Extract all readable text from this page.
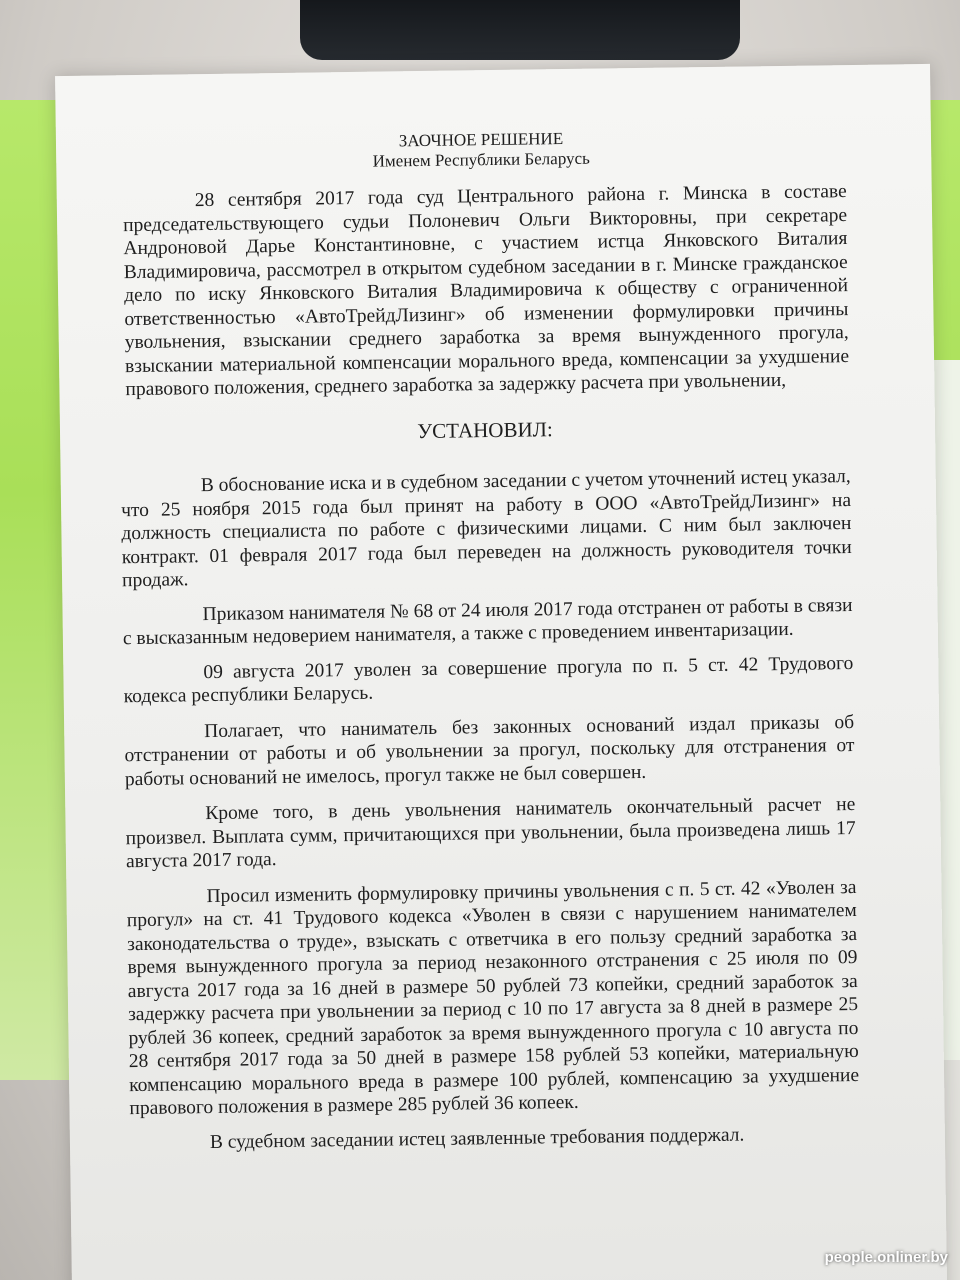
ЗАОЧНОЕ РЕШЕНИЕ

Именем Республики Беларусь

28 сентября 2017 года суд Центрального района г. Минска в составе председательствующего судьи Полоневич Ольги Викторовны, при секретаре Андроновой Дарье Константиновне, с участием истца Янковского Виталия Владимировича, рассмотрел в открытом судебном заседании в г. Минске гражданское дело по иску Янковского Виталия Владимировича к обществу с ограниченной ответственностью «АвтоТрейдЛизинг» об изменении формулировки причины увольнения, взыскании среднего заработка за время вынужденного прогула, взыскании материальной компенсации морального вреда, компенсации за ухудшение правового положения, среднего заработка за задержку расчета при увольнении,

УСТАНОВИЛ:

В обоснование иска и в судебном заседании с учетом уточнений истец указал, что 25 ноября 2015 года был принят на работу в ООО «АвтоТрейдЛизинг» на должность специалиста по работе с физическими лицами. С ним был заключен контракт. 01 февраля 2017 года был переведен на должность руководителя точки продаж.

Приказом нанимателя № 68 от 24 июля 2017 года отстранен от работы в связи с высказанным недоверием нанимателя, а также с проведением инвентаризации.

09 августа 2017 уволен за совершение прогула по п. 5 ст. 42 Трудового кодекса республики Беларусь.

Полагает, что наниматель без законных оснований издал приказы об отстранении от работы и об увольнении за прогул, поскольку для отстранения от работы оснований не имелось, прогул также не был совершен.

Кроме того, в день увольнения наниматель окончательный расчет не произвел. Выплата сумм, причитающихся при увольнении, была произведена лишь 17 августа 2017 года.

Просил изменить формулировку причины увольнения с п. 5 ст. 42 «Уволен за прогул» на ст. 41 Трудового кодекса «Уволен в связи с нарушением нанимателем законодательства о труде», взыскать с ответчика в его пользу средний заработка за время вынужденного прогула за период незаконного отстранения с 25 июля по 09 августа 2017 года за 16 дней в размере 50 рублей 73 копейки, средний заработок за задержку расчета при увольнении за период с 10 по 17 августа за 8 дней в размере 25 рублей 36 копеек, средний заработок за время вынужденного прогула с 10 августа по 28 сентября 2017 года за 50 дней в размере 158 рублей 53 копейки, материальную компенсацию морального вреда в размере 100 рублей, компенсацию за ухудшение правового положения в размере 285 рублей 36 копеек.

В судебном заседании истец заявленные требования поддержал.

people.onliner.by
